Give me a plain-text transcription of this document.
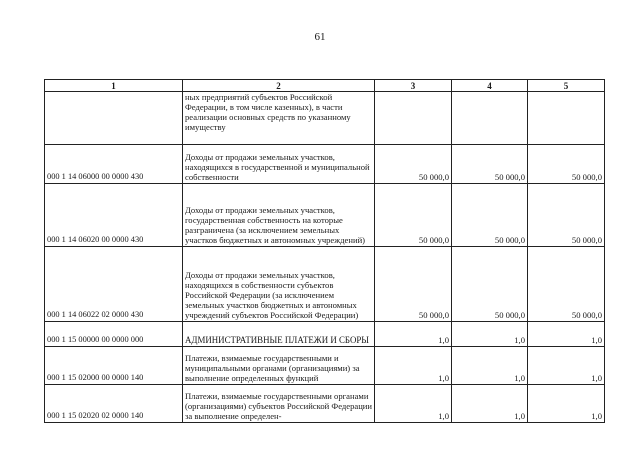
61
1	2	3	4	5
	ных предприятий субъектов Российской Федерации, в том числе казенных), в части реализации основных средств по указанному имуществу			
000 1 14 06000 00 0000 430	Доходы от продажи земельных участков, находящихся в государственной и муниципальной собственности	50 000,0	50 000,0	50 000,0
000 1 14 06020 00 0000 430	Доходы от продажи земельных участков, государственная собственность на которые разграничена (за исключением земельных участков бюджетных и автономных учреждений)	50 000,0	50 000,0	50 000,0
000 1 14 06022 02 0000 430	Доходы от продажи земельных участков, находящихся в собственности субъектов Российской Федерации (за исключением земельных участков бюджетных и автономных учреждений субъектов Российской Федерации)	50 000,0	50 000,0	50 000,0
000 1 15 00000 00 0000 000	АДМИНИСТРАТИВНЫЕ ПЛАТЕЖИ И СБОРЫ	1,0	1,0	1,0
000 1 15 02000 00 0000 140	Платежи, взимаемые государственными и муниципальными органами (организациями) за выполнение определенных функций	1,0	1,0	1,0
000 1 15 02020 02 0000 140	Платежи, взимаемые государственными органами (организациями) субъектов Российской Федерации за выполнение определен-	1,0	1,0	1,0
